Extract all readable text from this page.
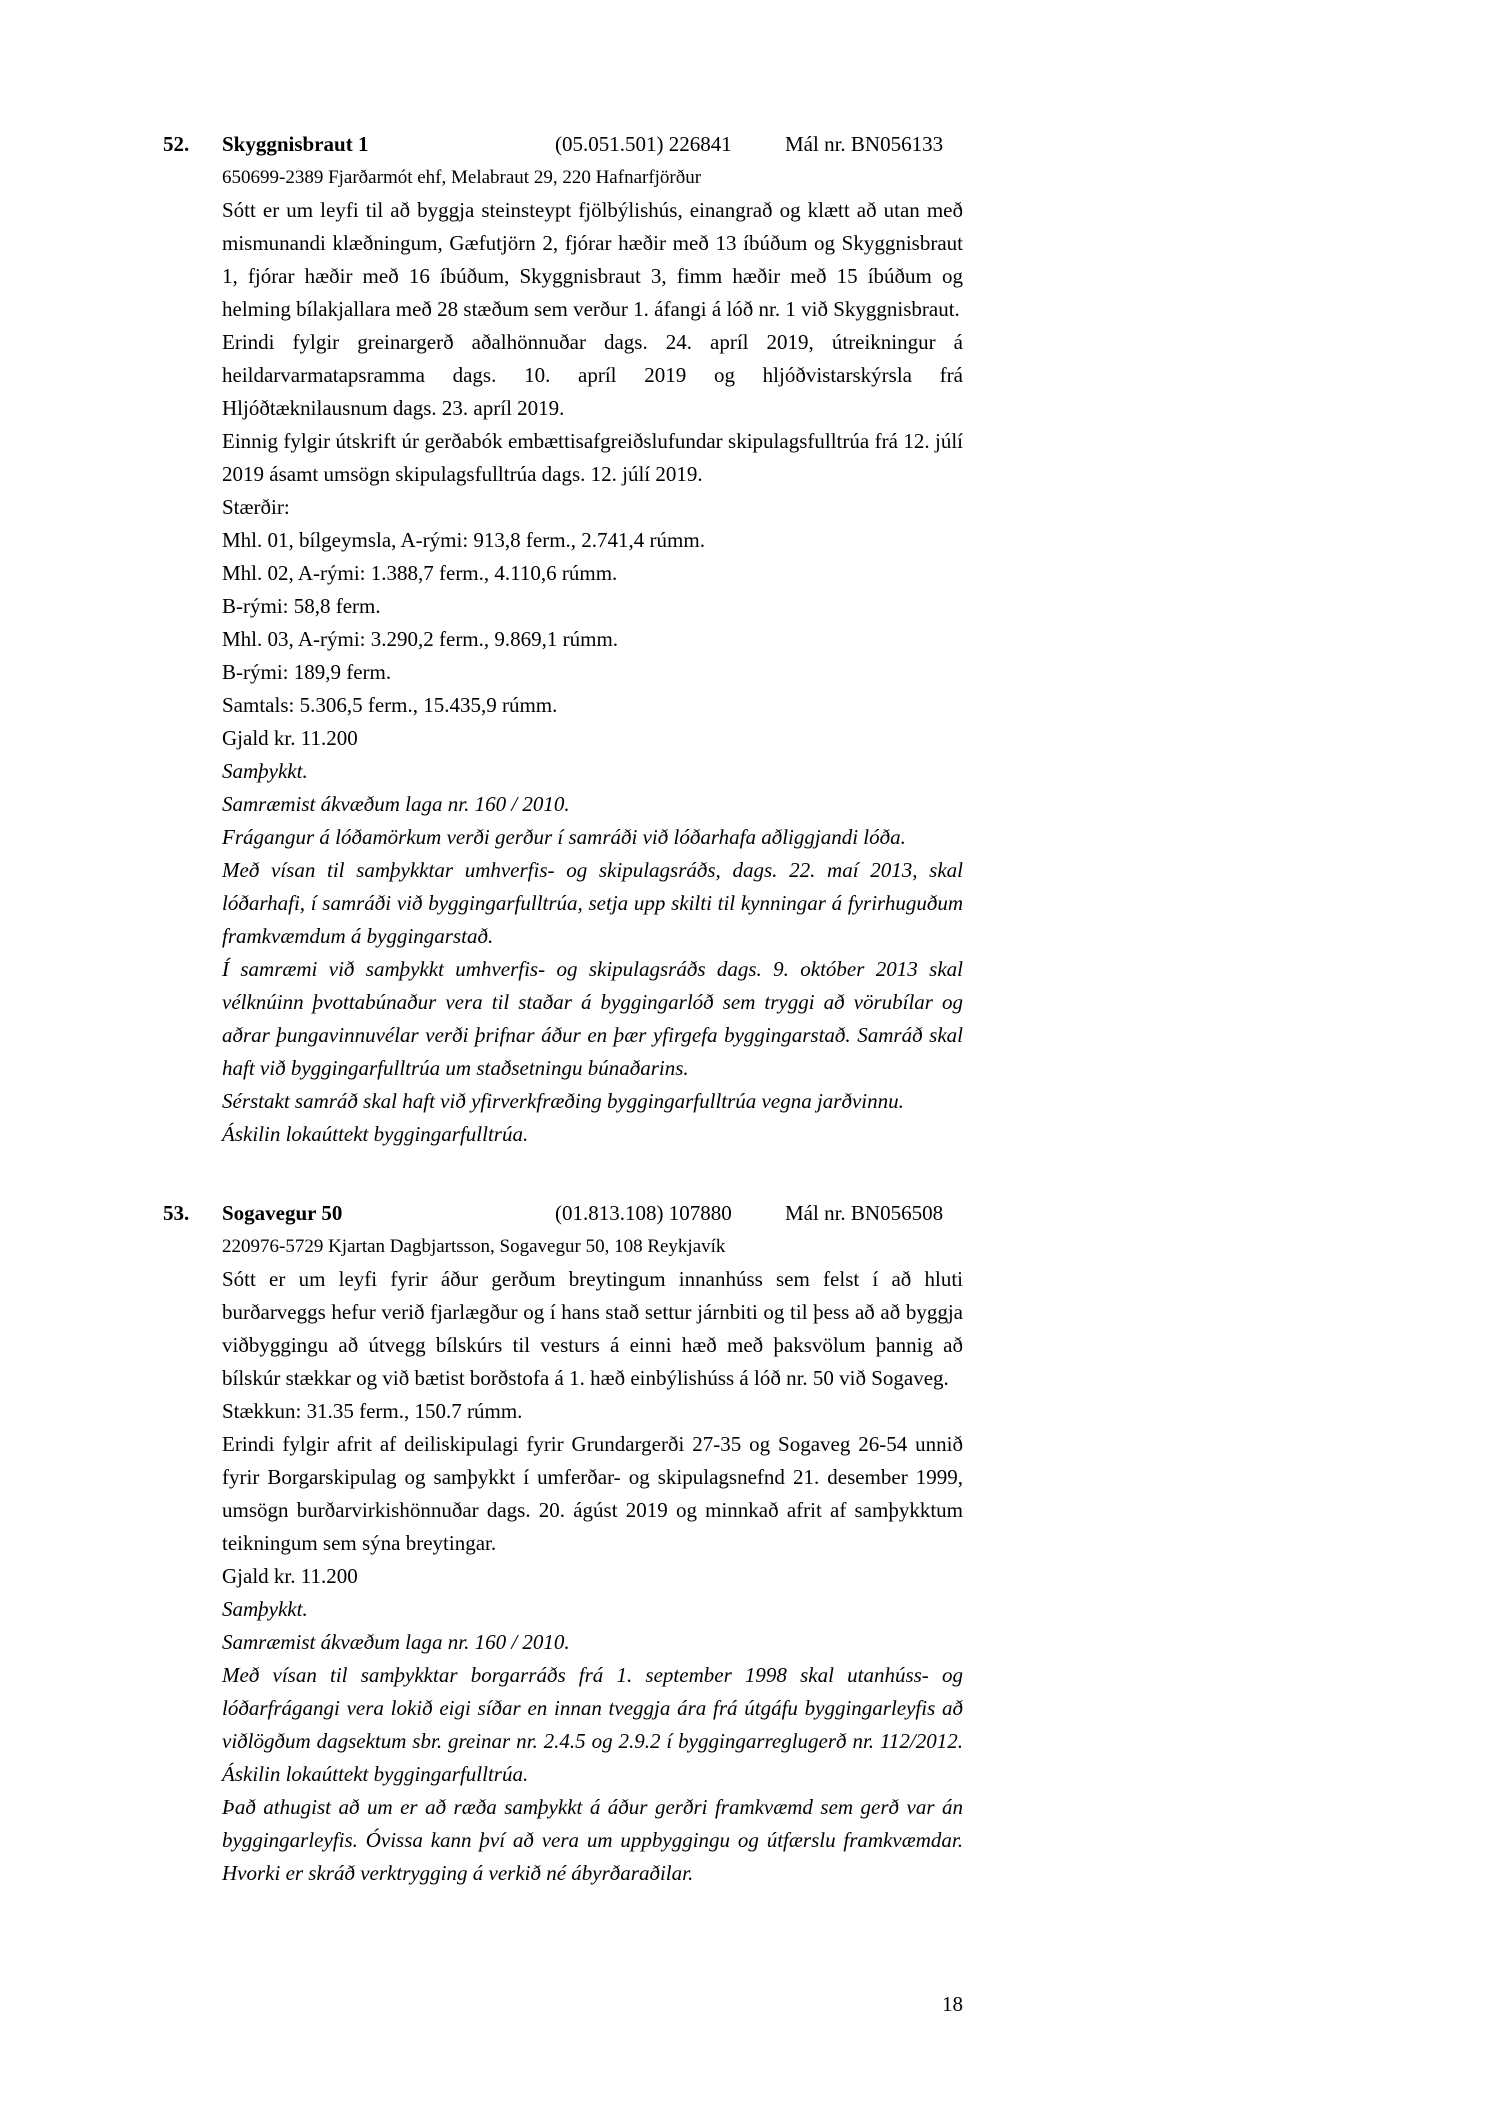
52. Skyggnisbraut 1	(05.051.501) 226841	Mál nr. BN056133
650699-2389 Fjarðarmót ehf, Melabraut 29, 220 Hafnarfjörður

Sótt er um leyfi til að byggja steinsteypt fjölbýlishús, einangrað og klætt að utan með mismunandi klæðningum, Gæfutjörn 2, fjórar hæðir með 13 íbúðum og Skyggnisbraut 1, fjórar hæðir með 16 íbúðum, Skyggnisbraut 3, fimm hæðir með 15 íbúðum og helming bílakjallara með 28 stæðum sem verður 1. áfangi á lóð nr. 1 við Skyggnisbraut.

Erindi fylgir greinargerð aðalhönnuðar dags. 24. apríl 2019, útreikningur á heildarvarmatapsramma dags. 10. apríl 2019 og hljóðvistarskýrsla frá Hljóðtæknilausnum dags. 23. apríl 2019.

Einnig fylgir útskrift úr gerðabók embættisafgreiðslufundar skipulagsfulltrúa frá 12. júlí 2019 ásamt umsögn skipulagsfulltrúa dags. 12. júlí 2019.

Stærðir:

Mhl. 01, bílgeymsla, A-rými: 913,8 ferm., 2.741,4 rúmm.

Mhl. 02, A-rými: 1.388,7 ferm., 4.110,6 rúmm.

B-rými: 58,8 ferm.

Mhl. 03, A-rými: 3.290,2 ferm., 9.869,1 rúmm.

B-rými: 189,9 ferm.

Samtals: 5.306,5 ferm., 15.435,9 rúmm.

Gjald kr. 11.200

Samþykkt.

Samræmist ákvæðum laga nr. 160 / 2010.

Frágangur á lóðamörkum verði gerður í samráði við lóðarhafa aðliggjandi lóða.

Með vísan til samþykktar umhverfis- og skipulagsráðs, dags. 22. maí 2013, skal lóðarhafi, í samráði við byggingarfulltrúa, setja upp skilti til kynningar á fyrirhuguðum framkvæmdum á byggingarstað.

Í samræmi við samþykkt umhverfis- og skipulagsráðs dags. 9. október 2013 skal vélknúinn þvottabúnaður vera til staðar á byggingarlóð sem tryggi að vörubílar og aðrar þungavinnuvélar verði þrifnar áður en þær yfirgefa byggingarstað. Samráð skal haft við byggingarfulltrúa um staðsetningu búnaðarins.

Sérstakt samráð skal haft við yfirverkfræðing byggingarfulltrúa vegna jarðvinnu.

Áskilin lokaúttekt byggingarfulltrúa.

53. Sogavegur 50	(01.813.108) 107880	Mál nr. BN056508
220976-5729 Kjartan Dagbjartsson, Sogavegur 50, 108 Reykjavík

Sótt er um leyfi fyrir áður gerðum breytingum innanhúss sem felst í að hluti burðarveggs hefur verið fjarlægður og í hans stað settur járnbiti og til þess að að byggja viðbyggingu að útvegg bílskúrs til vesturs á einni hæð með þaksvölum þannig að bílskúr stækkar og við bætist borðstofa á 1. hæð einbýlishúss á lóð nr. 50 við Sogaveg.

Stækkun: 31.35 ferm., 150.7 rúmm.

Erindi fylgir afrit af deiliskipulagi fyrir Grundargerði 27-35 og Sogaveg 26-54 unnið fyrir Borgarskipulag og samþykkt í umferðar- og skipulagsnefnd 21. desember 1999, umsögn burðarvirkishönnuðar dags. 20. ágúst 2019 og minnkað afrit af samþykktum teikningum sem sýna breytingar.

Gjald kr. 11.200

Samþykkt.

Samræmist ákvæðum laga nr. 160 / 2010.

Með vísan til samþykktar borgarráðs frá 1. september 1998 skal utanhúss- og lóðarfrágangi vera lokið eigi síðar en innan tveggja ára frá útgáfu byggingarleyfis að viðlögðum dagsektum sbr. greinar nr. 2.4.5 og 2.9.2 í byggingarreglugerð nr. 112/2012. Áskilin lokaúttekt byggingarfulltrúa.

Það athugist að um er að ræða samþykkt á áður gerðri framkvæmd sem gerð var án byggingarleyfis. Óvissa kann því að vera um uppbyggingu og útfærslu framkvæmdar. Hvorki er skráð verktrygging á verkið né ábyrðaraðilar.

18
